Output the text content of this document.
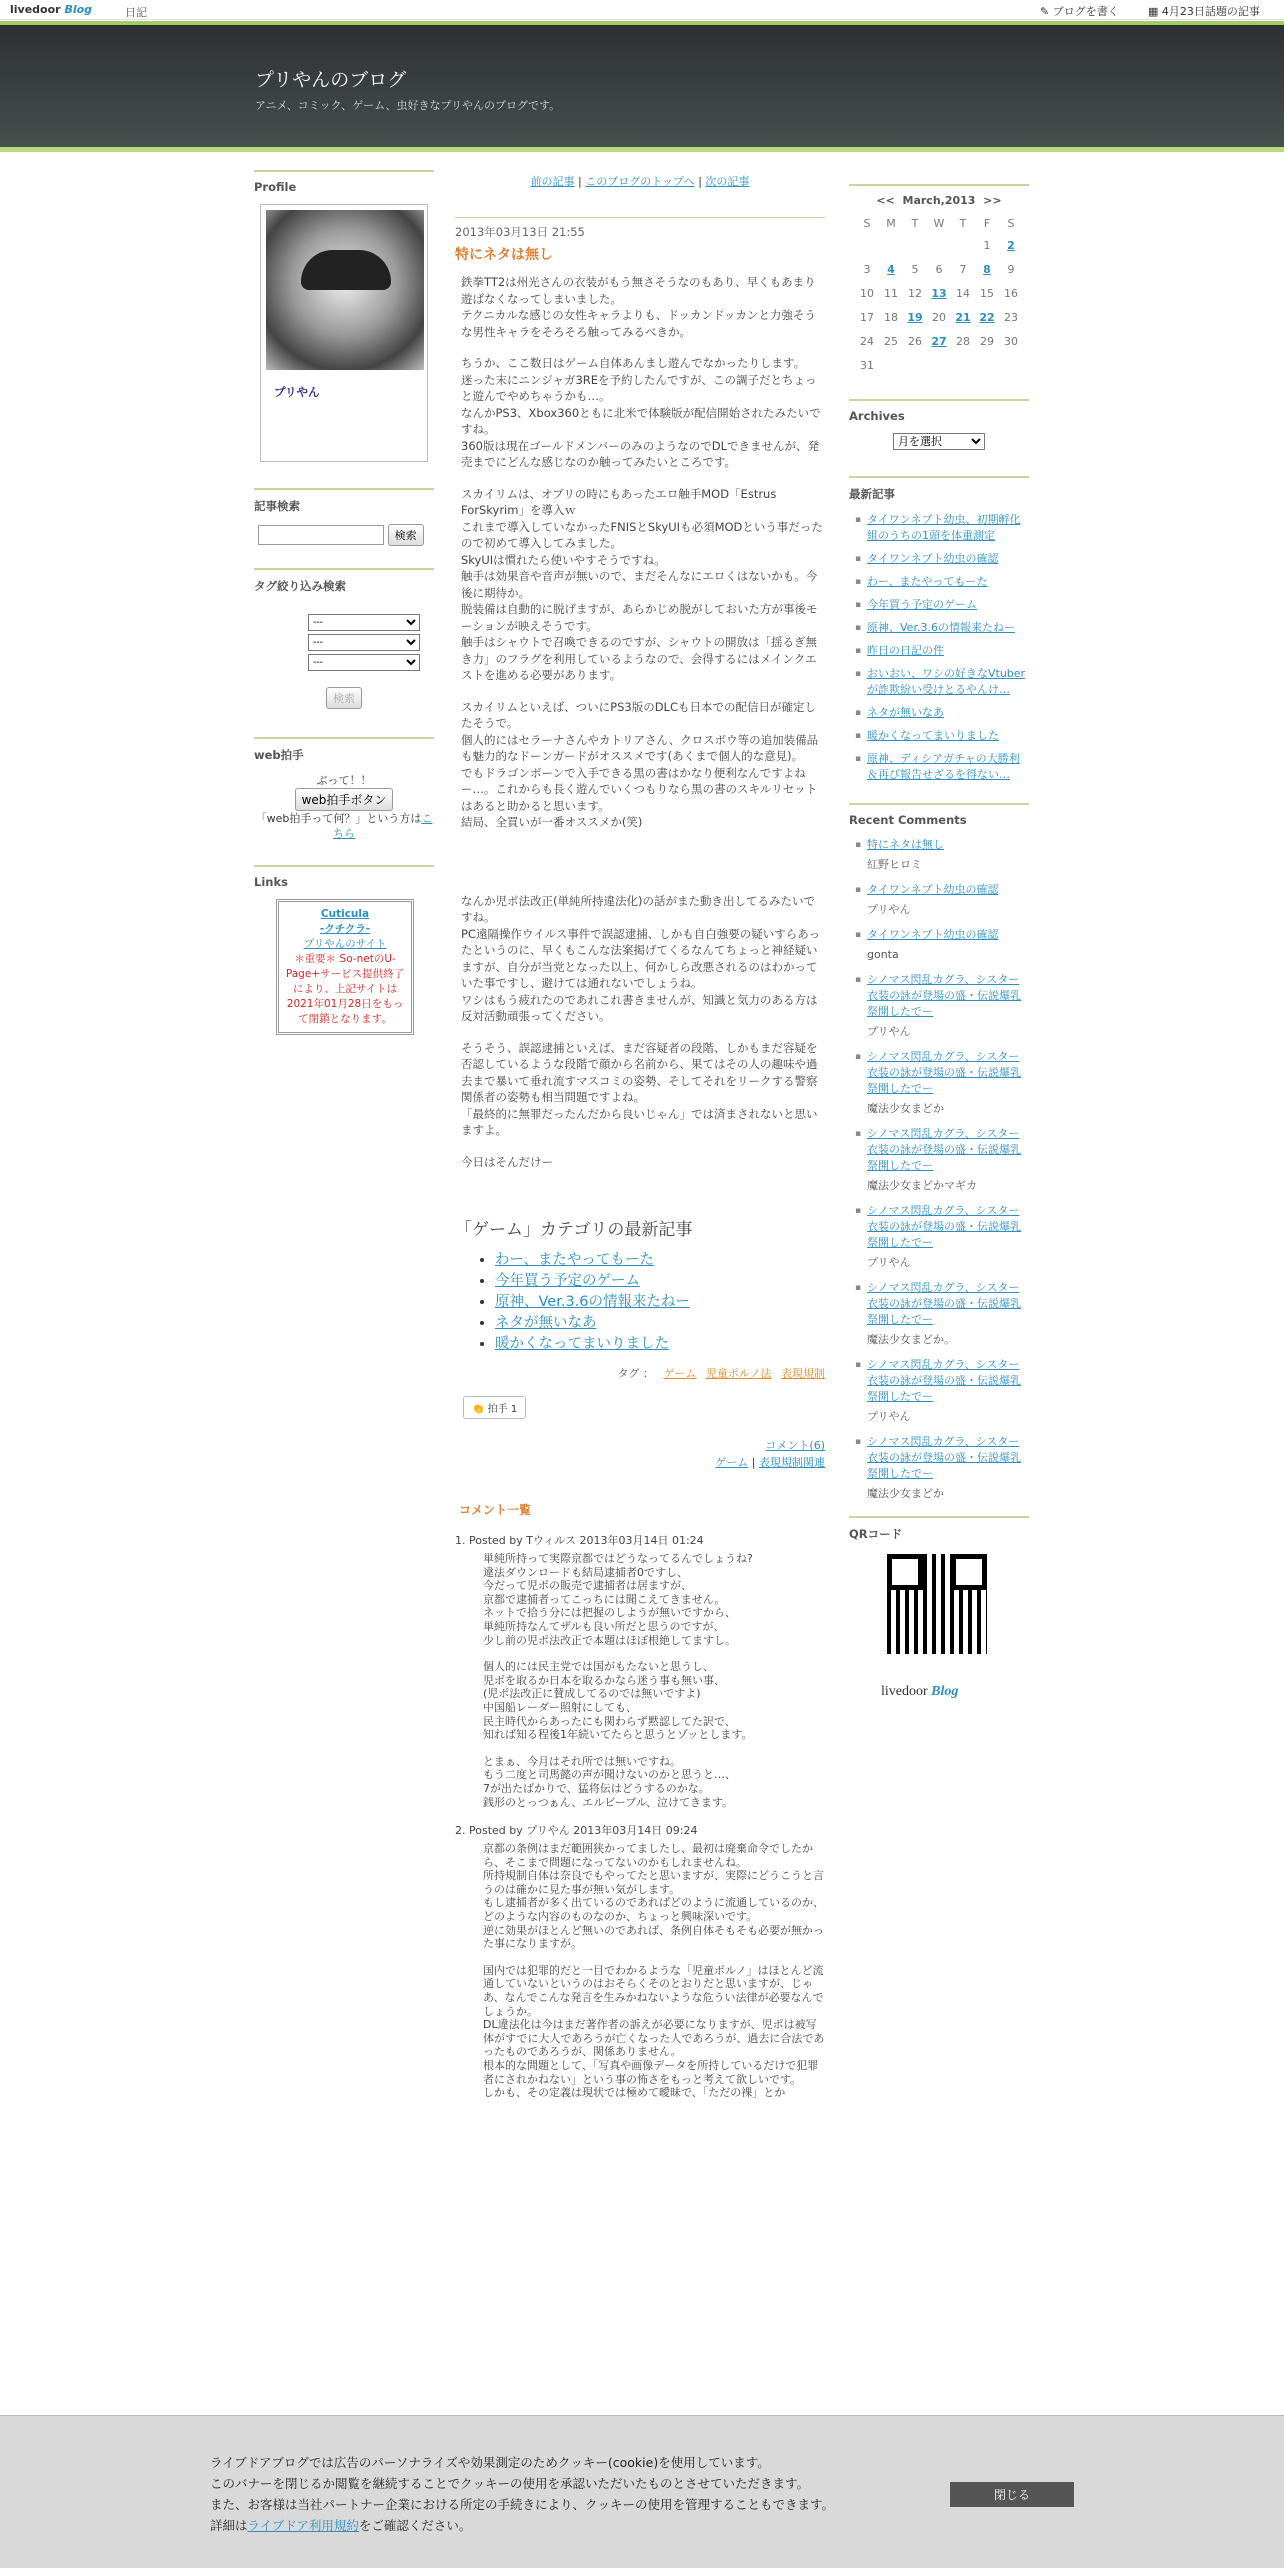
livedoor Blog	日記	✎ ブログを書く	▦ 4月23日話題の記事
プリやんのブログ
アニメ、コミック、ゲーム、虫好きなプリやんのブログです。
Profile
プリやん
記事検索
検索
タグ絞り込み検索
---
---
---
検索
web拍手
ぶって！！
web拍手ボタン
「web拍手って何？」という方はこちら
Links
Cuticula
-クチクラ-
プリやんのサイト
＊重要＊ So-netのU-Page+サービス提供終了により、上記サイトは2021年01月28日をもって閉鎖となります。
前の記事 | このブログのトップへ | 次の記事
2013年03月13日 21:55
特にネタは無し

鉄拳TT2は州光さんの衣装がもう無さそうなのもあり、早くもあまり遊ばなくなってしまいました。
テクニカルな感じの女性キャラよりも、ドッカンドッカンと力強そうな男性キャラをそろそろ触ってみるべきか。

ちうか、ここ数日はゲーム自体あんまし遊んでなかったりします。
迷った末にニンジャガ3REを予約したんですが、この調子だとちょっと遊んでやめちゃうかも…。
なんかPS3、Xbox360ともに北米で体験版が配信開始されたみたいですね。
360版は現在ゴールドメンバーのみのようなのでDLできませんが、発売までにどんな感じなのか触ってみたいところです。

スカイリムは、オブリの時にもあったエロ触手MOD「Estrus ForSkyrim」を導入ｗ
これまで導入していなかったFNISとSkyUIも必須MODという事だったので初めて導入してみました。
SkyUIは慣れたら使いやすそうですね。
触手は効果音や音声が無いので、まだそんなにエロくはないかも。今後に期待か。
脱装備は自動的に脱げますが、あらかじめ脱がしておいた方が事後モーションが映えそうです。
触手はシャウトで召喚できるのですが、シャウトの開放は「揺るぎ無き力」のフラグを利用しているようなので、会得するにはメインクエストを進める必要があります。

スカイリムといえば、ついにPS3版のDLCも日本での配信日が確定したそうで。
個人的にはセラーナさんやカトリアさん、クロスボウ等の追加装備品も魅力的なドーンガードがオススメです(あくまで個人的な意見)。
でもドラゴンボーンで入手できる黒の書はかなり便利なんですよねー…。これからも長く遊んでいくつもりなら黒の書のスキルリセットはあると助かると思います。
結局、全買いが一番オススメか(笑)

なんか児ポ法改正(単純所持違法化)の話がまた動き出してるみたいですね。
PC遠隔操作ウイルス事件で誤認逮捕、しかも自白強要の疑いすらあったというのに、早くもこんな法案掲げてくるなんてちょっと神経疑いますが、自分が当党となった以上、何かしら改悪されるのはわかっていた事ですし、避けては通れないでしょうね。
ワシはもう疲れたのであれこれ書きませんが、知識と気力のある方は反対活動頑張ってください。

そうそう、誤認逮捕といえば、まだ容疑者の段階、しかもまだ容疑を否認しているような段階で顔から名前から、果てはその人の趣味や過去まで暴いて垂れ流すマスコミの姿勢、そしてそれをリークする警察関係者の姿勢も相当問題ですよね。
「最終的に無罪だったんだから良いじゃん」では済まされないと思いますよ。

今日はそんだけー

「ゲーム」カテゴリの最新記事
• わー、またやってもーた
• 今年買う予定のゲーム
• 原神、Ver.3.6の情報来たねー
• ネタが無いなあ
• 暖かくなってまいりました
タグ ： ゲーム 児童ポルノ法 表現規制
👏 拍手 1
コメント(6)
ゲーム | 表現規制関連
コメント一覧
1. Posted by Tウィルス 2013年03月14日 01:24

単純所持って実際京都ではどうなってるんでしょうね?
違法ダウンロードも結局逮捕者0ですし、
今だって児ポの販売で逮捕者は居ますが、
京都で逮捕者ってこっちには聞こえてきません。
ネットで拾う分には把握のしようが無いですから、
単純所持なんてザルも良い所だと思うのですが、
少し前の児ポ法改正で本題はほぼ根絶してますし。

個人的には民主党では国がもたないと思うし、
児ポを取るか日本を取るかなら迷う事も無い事、
(児ポ法改正に賛成してるのでは無いですよ)
中国船レーダー照射にしても、
民主時代からあったにも関わらず黙認してた訳で、
知れば知る程後1年続いてたらと思うとゾッとします。

とまぁ、今月はそれ所では無いですね。
もう二度と司馬懿の声が聞けないのかと思うと…、
7が出たばかりで、猛将伝はどうするのかな。
銭形のとっつぁん、エルビーブル、泣けてきます。

2. Posted by プリやん 2013年03月14日 09:24

京都の条例はまだ範囲狭かってましたし、最初は廃棄命令でしたから、そこまで問題になってないのかもしれませんね。
所持規制自体は奈良でもやってたと思いますが、実際にどうこうと言うのは確かに見た事が無い気がします。
もし逮捕者が多く出ているのであればどのように流通しているのか、どのような内容のものなのか、ちょっと興味深いです。
逆に効果がほとんど無いのであれば、条例自体そもそも必要が無かった事になりますが。

国内では犯罪的だと一目でわかるような「児童ポルノ」はほとんど流通していないというのはおそらくそのとおりだと思いますが、じゃあ、なんでこんな発言を生みかねないような危うい法律が必要なんでしょうか。
DL違法化は今はまだ著作者の訴えが必要になりますが、児ポは被写体がすでに大人であろうが亡くなった人であろうが、過去に合法であったものであろうが、関係ありません。
根本的な問題として、「写真や画像データを所持しているだけで犯罪者にされかねない」という事の怖さをもっと考えて欲しいです。
しかも、その定義は現状では極めて曖昧で、「ただの裸」とか

<< March,2013 >>
S	M	T	W	T	F	S
					1	2
3	4	5	6	7	8	9
10	11	12	13	14	15	16
17	18	19	20	21	22	23
24	25	26	27	28	29	30
31						
Archives
月を選択
最新記事
▪ タイワンネブト幼虫、初期孵化組のうちの1頭を体重測定
▪ タイワンネブト幼虫の確認
▪ わー、またやってもーた
▪ 今年買う予定のゲーム
▪ 原神、Ver.3.6の情報来たねー
▪ 昨日の日記の件
▪ おいおい、ワシの好きなVtuberが詐欺紛い受けとるやんけ…
▪ ネタが無いなあ
▪ 暖かくなってまいりました
▪ 原神、ディシアガチャの大勝利＆再び報告せざるを得ない…
Recent Comments
▪ 特にネタは無し
紅野ヒロミ
▪ タイワンネブト幼虫の確認
プリやん
▪ タイワンネブト幼虫の確認
gonta
▪ シノマス閃乱カグラ、シスター衣装の詠が登場の盛・伝説爆乳祭開したでー
プリやん
▪ シノマス閃乱カグラ、シスター衣装の詠が登場の盛・伝説爆乳祭開したでー
魔法少女まどか
▪ シノマス閃乱カグラ、シスター衣装の詠が登場の盛・伝説爆乳祭開したでー
魔法少女まどかマギカ
▪ シノマス閃乱カグラ、シスター衣装の詠が登場の盛・伝説爆乳祭開したでー
プリやん
▪ シノマス閃乱カグラ、シスター衣装の詠が登場の盛・伝説爆乳祭開したでー
魔法少女まどか。
▪ シノマス閃乱カグラ、シスター衣装の詠が登場の盛・伝説爆乳祭開したでー
プリやん
▪ シノマス閃乱カグラ、シスター衣装の詠が登場の盛・伝説爆乳祭開したでー
魔法少女まどか
QRコード
livedoor Blog
ライブドアブログでは広告のパーソナライズや効果測定のためクッキー(cookie)を使用しています。
このバナーを閉じるか閲覧を継続することでクッキーの使用を承認いただいたものとさせていただきます。
また、お客様は当社パートナー企業における所定の手続きにより、クッキーの使用を管理することもできます。
詳細はライブドア利用規約をご確認ください。
閉じる
